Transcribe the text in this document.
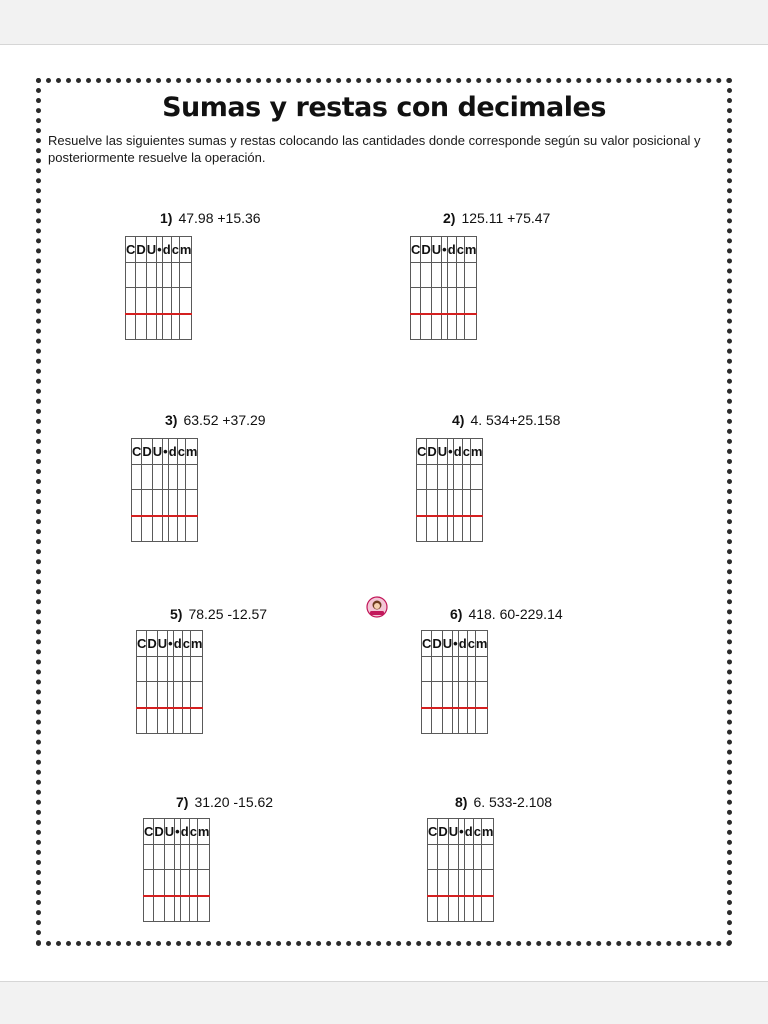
Sumas y restas con decimales

Resuelve las siguientes sumas y restas colocando las cantidades donde corresponde según su valor posicional y posteriormente resuelve la operación.

1) 47.98 +15.36
C	D	U	•	d	c	m

2) 125.11 +75.47
C	D	U	•	d	c	m

3) 63.52 +37.29
C	D	U	•	d	c	m

4) 4. 534+25.158
C	D	U	•	d	c	m

5) 78.25 -12.57
C	D	U	•	d	c	m

6) 418. 60-229.14
C	D	U	•	d	c	m

7) 31.20 -15.62
C	D	U	•	d	c	m

8) 6. 533-2.108
C	D	U	•	d	c	m
